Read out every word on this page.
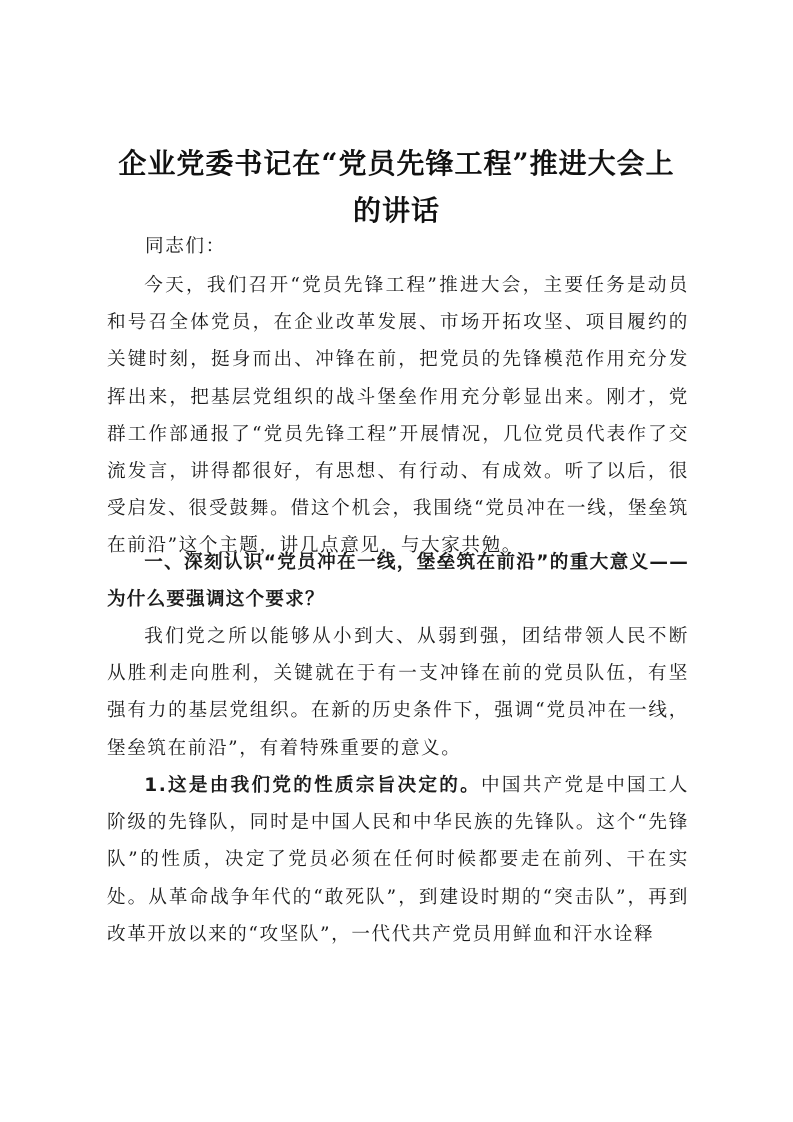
企业党委书记在“党员先锋工程”推进大会上
的讲话

同志们：

今天，我们召开“党员先锋工程”推进大会，主要任务是动员和号召全体党员，在企业改革发展、市场开拓攻坚、项目履约的关键时刻，挺身而出、冲锋在前，把党员的先锋模范作用充分发挥出来，把基层党组织的战斗堡垒作用充分彰显出来。刚才，党群工作部通报了“党员先锋工程”开展情况，几位党员代表作了交流发言，讲得都很好，有思想、有行动、有成效。听了以后，很受启发、很受鼓舞。借这个机会，我围绕“党员冲在一线，堡垒筑在前沿”这个主题，讲几点意见，与大家共勉。

一、深刻认识“党员冲在一线，堡垒筑在前沿”的重大意义——为什么要强调这个要求？

我们党之所以能够从小到大、从弱到强，团结带领人民不断从胜利走向胜利，关键就在于有一支冲锋在前的党员队伍，有坚强有力的基层党组织。在新的历史条件下，强调“党员冲在一线，堡垒筑在前沿”，有着特殊重要的意义。

1.这是由我们党的性质宗旨决定的。中国共产党是中国工人阶级的先锋队，同时是中国人民和中华民族的先锋队。这个“先锋队”的性质，决定了党员必须在任何时候都要走在前列、干在实处。从革命战争年代的“敢死队”，到建设时期的“突击队”，再到改革开放以来的“攻坚队”，一代代共产党员用鲜血和汗水诠释
